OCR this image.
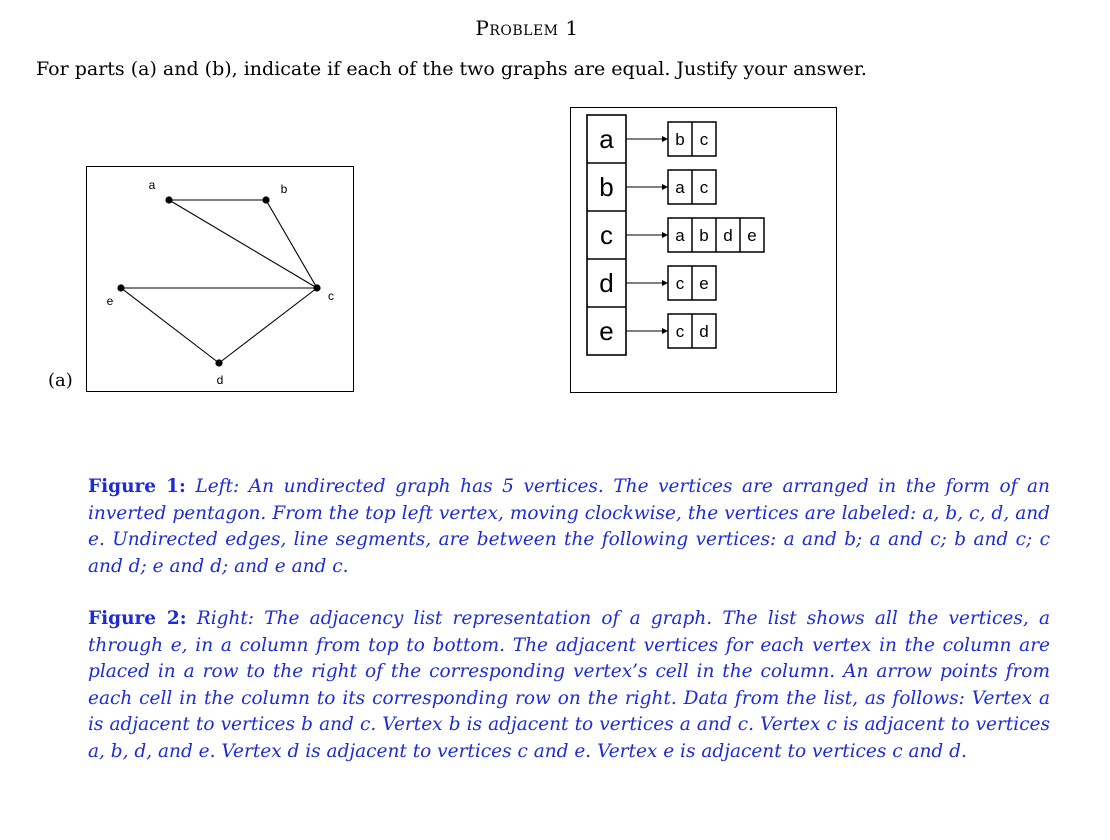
Problem 1
For parts (a) and (b), indicate if each of the two graphs are equal. Justify your answer.
(a)
a	b
c
d
e
a	b c
b	a c
c	a b d e
d	c e
e	c d
Figure 1: Left: An undirected graph has 5 vertices. The vertices are arranged in the form of an inverted pentagon. From the top left vertex, moving clockwise, the vertices are labeled: a, b, c, d, and e. Undirected edges, line segments, are between the following vertices: a and b; a and c; b and c; c and d; e and d; and e and c.
Figure 2: Right: The adjacency list representation of a graph. The list shows all the vertices, a through e, in a column from top to bottom. The adjacent vertices for each vertex in the column are placed in a row to the right of the corresponding vertex’s cell in the column. An arrow points from each cell in the column to its corresponding row on the right. Data from the list, as follows: Vertex a is adjacent to vertices b and c. Vertex b is adjacent to vertices a and c. Vertex c is adjacent to vertices a, b, d, and e. Vertex d is adjacent to vertices c and e. Vertex e is adjacent to vertices c and d.
